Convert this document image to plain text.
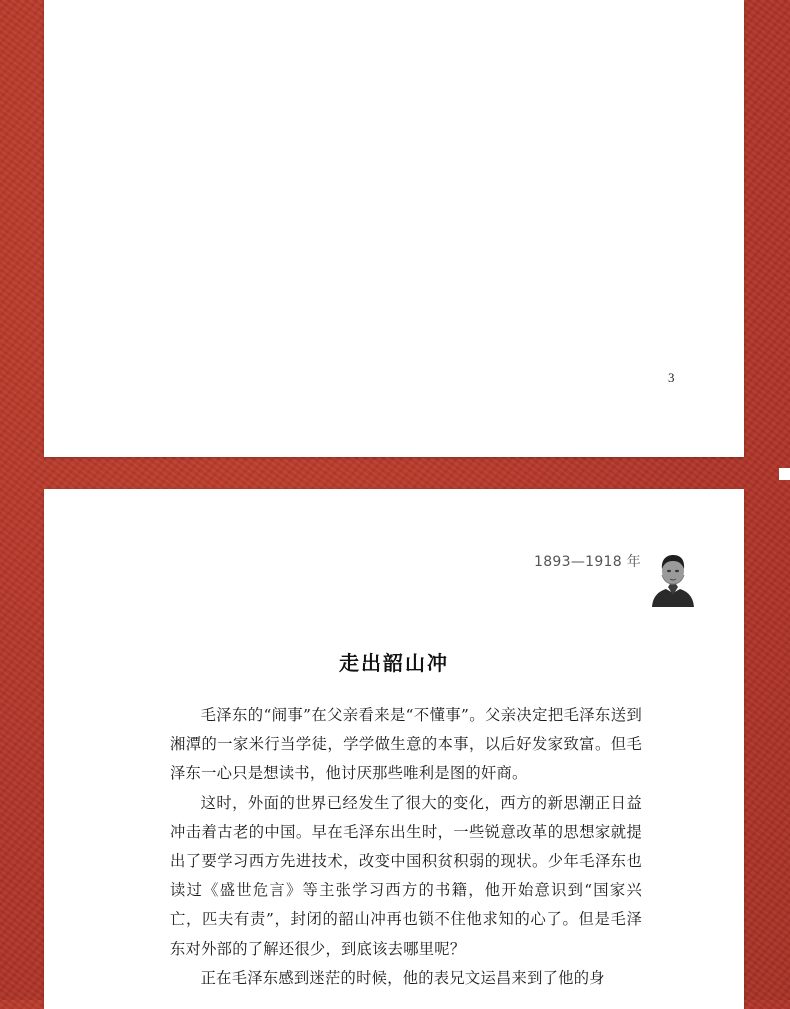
3
1893—1918 年
走出韶山冲

毛泽东的“闹事”在父亲看来是“不懂事”。父亲决定把毛泽东送到湘潭的一家米行当学徒，学学做生意的本事，以后好发家致富。但毛泽东一心只是想读书，他讨厌那些唯利是图的奸商。

这时，外面的世界已经发生了很大的变化，西方的新思潮正日益冲击着古老的中国。早在毛泽东出生时，一些锐意改革的思想家就提出了要学习西方先进技术，改变中国积贫积弱的现状。少年毛泽东也读过《盛世危言》等主张学习西方的书籍，他开始意识到“国家兴亡，匹夫有责”，封闭的韶山冲再也锁不住他求知的心了。但是毛泽东对外部的了解还很少，到底该去哪里呢？

正在毛泽东感到迷茫的时候，他的表兄文运昌来到了他的身
